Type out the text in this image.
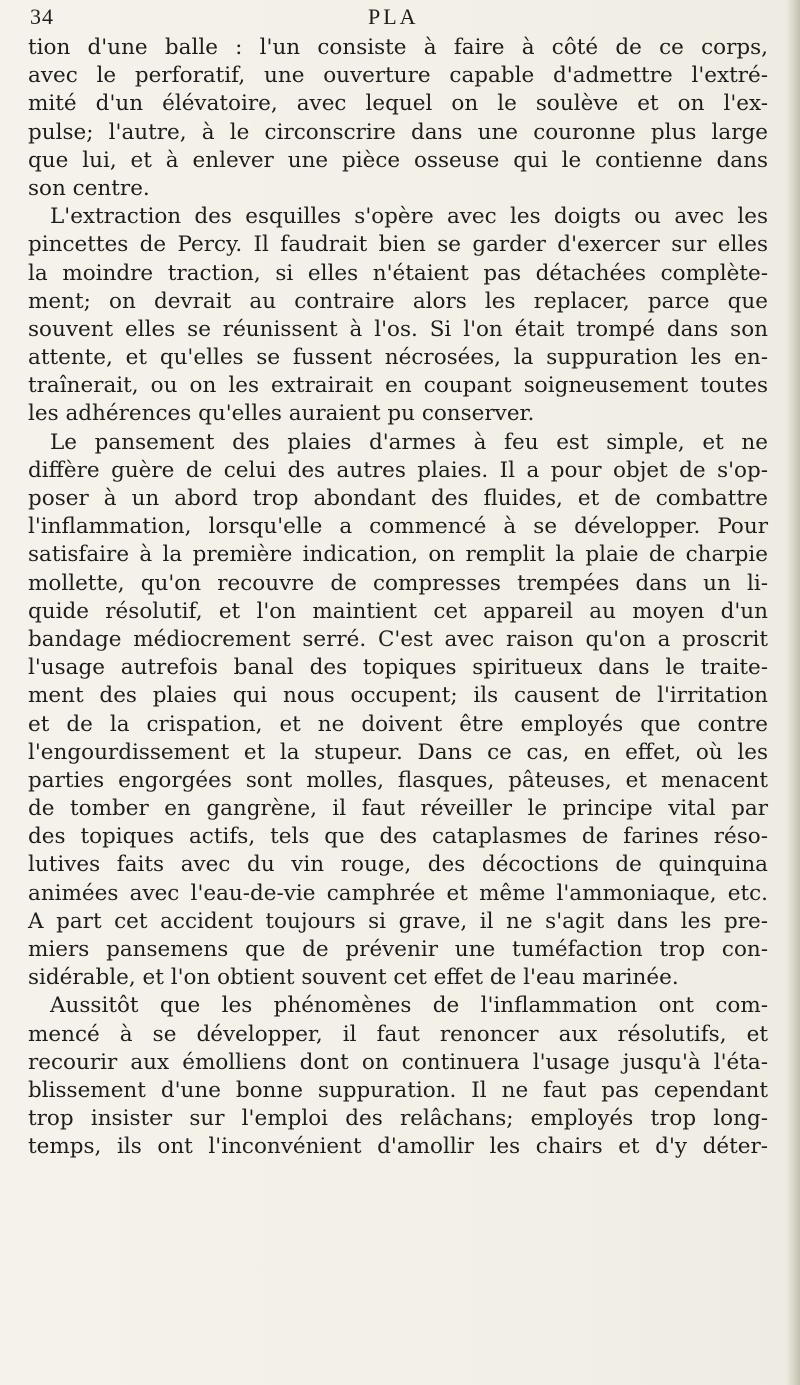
34	PLA
tion d'une balle : l'un consiste à faire à côté de ce corps,
avec le perforatif, une ouverture capable d'admettre l'extré-
mité d'un élévatoire, avec lequel on le soulève et on l'ex-
pulse; l'autre, à le circonscrire dans une couronne plus large
que lui, et à enlever une pièce osseuse qui le contienne dans
son centre.
L'extraction des esquilles s'opère avec les doigts ou avec les
pincettes de Percy. Il faudrait bien se garder d'exercer sur elles
la moindre traction, si elles n'étaient pas détachées complète-
ment; on devrait au contraire alors les replacer, parce que
souvent elles se réunissent à l'os. Si l'on était trompé dans son
attente, et qu'elles se fussent nécrosées, la suppuration les en-
traînerait, ou on les extrairait en coupant soigneusement toutes
les adhérences qu'elles auraient pu conserver.
Le pansement des plaies d'armes à feu est simple, et ne
diffère guère de celui des autres plaies. Il a pour objet de s'op-
poser à un abord trop abondant des fluides, et de combattre
l'inflammation, lorsqu'elle a commencé à se développer. Pour
satisfaire à la première indication, on remplit la plaie de charpie
mollette, qu'on recouvre de compresses trempées dans un li-
quide résolutif, et l'on maintient cet appareil au moyen d'un
bandage médiocrement serré. C'est avec raison qu'on a proscrit
l'usage autrefois banal des topiques spiritueux dans le traite-
ment des plaies qui nous occupent; ils causent de l'irritation
et de la crispation, et ne doivent être employés que contre
l'engourdissement et la stupeur. Dans ce cas, en effet, où les
parties engorgées sont molles, flasques, pâteuses, et menacent
de tomber en gangrène, il faut réveiller le principe vital par
des topiques actifs, tels que des cataplasmes de farines réso-
lutives faits avec du vin rouge, des décoctions de quinquina
animées avec l'eau-de-vie camphrée et même l'ammoniaque, etc.
A part cet accident toujours si grave, il ne s'agit dans les pre-
miers pansemens que de prévenir une tuméfaction trop con-
sidérable, et l'on obtient souvent cet effet de l'eau marinée.
Aussitôt que les phénomènes de l'inflammation ont com-
mencé à se développer, il faut renoncer aux résolutifs, et
recourir aux émolliens dont on continuera l'usage jusqu'à l'éta-
blissement d'une bonne suppuration. Il ne faut pas cependant
trop insister sur l'emploi des relâchans; employés trop long-
temps, ils ont l'inconvénient d'amollir les chairs et d'y déter-
